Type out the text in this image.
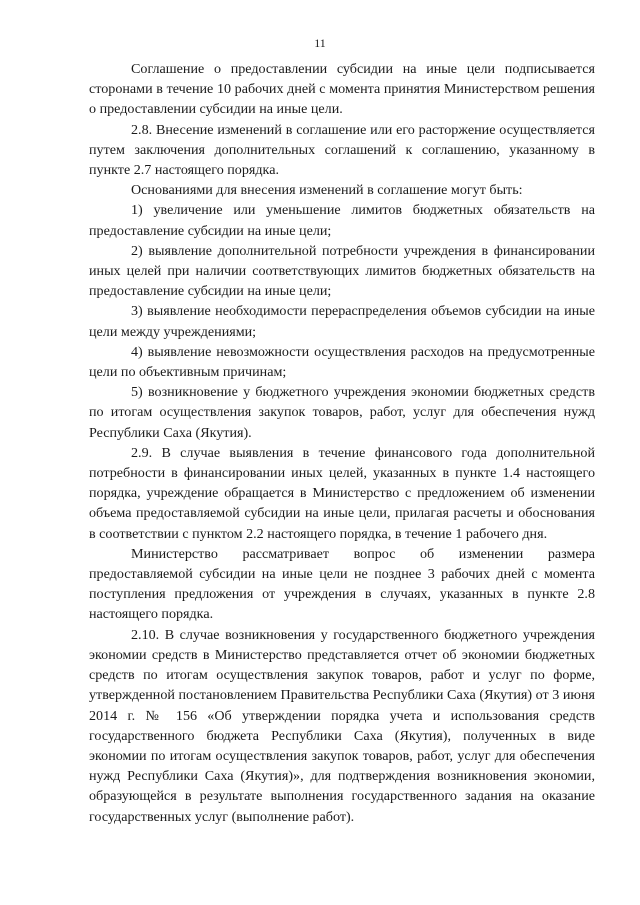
11

Соглашение о предоставлении субсидии на иные цели подписывается сторонами в течение 10 рабочих дней с момента принятия Министерством решения о предоставлении субсидии на иные цели.

2.8. Внесение изменений в соглашение или его расторжение осуществляется путем заключения дополнительных соглашений к соглашению, указанному в пункте 2.7 настоящего порядка.

Основаниями для внесения изменений в соглашение могут быть:

1) увеличение или уменьшение лимитов бюджетных обязательств на предоставление субсидии на иные цели;

2) выявление дополнительной потребности учреждения в финансировании иных целей при наличии соответствующих лимитов бюджетных обязательств на предоставление субсидии на иные цели;

3) выявление необходимости перераспределения объемов субсидии на иные цели между учреждениями;

4) выявление невозможности осуществления расходов на предусмотренные цели по объективным причинам;

5) возникновение у бюджетного учреждения экономии бюджетных средств по итогам осуществления закупок товаров, работ, услуг для обеспечения нужд Республики Саха (Якутия).

2.9. В случае выявления в течение финансового года дополнительной потребности в финансировании иных целей, указанных в пункте 1.4 настоящего порядка, учреждение обращается в Министерство с предложением об изменении объема предоставляемой субсидии на иные цели, прилагая расчеты и обоснования в соответствии с пунктом 2.2 настоящего порядка, в течение 1 рабочего дня.

Министерство рассматривает вопрос об изменении размера предоставляемой субсидии на иные цели не позднее 3 рабочих дней с момента поступления предложения от учреждения в случаях, указанных в пункте 2.8 настоящего порядка.

2.10. В случае возникновения у государственного бюджетного учреждения экономии средств в Министерство представляется отчет об экономии бюджетных средств по итогам осуществления закупок товаров, работ и услуг по форме, утвержденной постановлением Правительства Республики Саха (Якутия) от 3 июня 2014 г. № 156 «Об утверждении порядка учета и использования средств государственного бюджета Республики Саха (Якутия), полученных в виде экономии по итогам осуществления закупок товаров, работ, услуг для обеспечения нужд Республики Саха (Якутия)», для подтверждения возникновения экономии, образующейся в результате выполнения государственного задания на оказание государственных услуг (выполнение работ).
